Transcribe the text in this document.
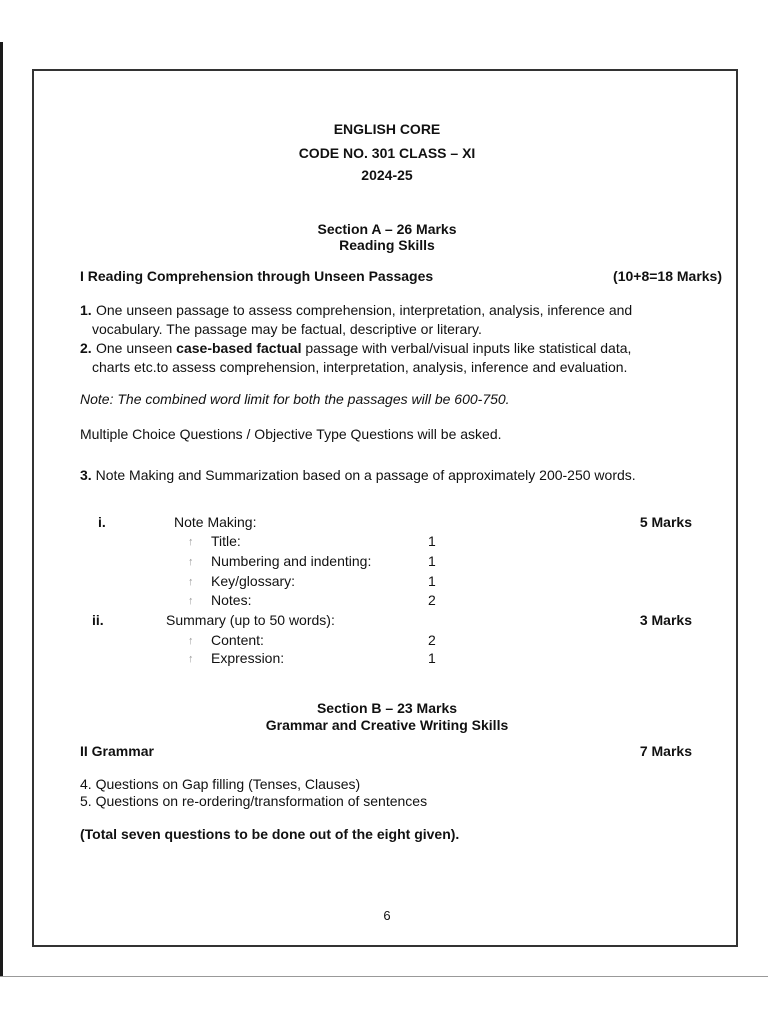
ENGLISH CORE
CODE NO. 301 CLASS – XI
2024-25
Section A – 26 Marks
Reading Skills
I Reading Comprehension through Unseen Passages	(10+8=18 Marks)
1. One unseen passage to assess comprehension, interpretation, analysis, inference and
vocabulary. The passage may be factual, descriptive or literary.
2. One unseen case-based factual passage with verbal/visual inputs like statistical data,
charts etc.to assess comprehension, interpretation, analysis, inference and evaluation.
Note: The combined word limit for both the passages will be 600-750.
Multiple Choice Questions / Objective Type Questions will be asked.
3. Note Making and Summarization based on a passage of approximately 200-250 words.
i.	Note Making:	5 Marks
↑ Title:	1
↑ Numbering and indenting:	1
↑ Key/glossary:	1
↑ Notes:	2
ii.	Summary (up to 50 words):	3 Marks
↑ Content:	2
↑ Expression:	1
Section B – 23 Marks
Grammar and Creative Writing Skills
II Grammar	7 Marks
4. Questions on Gap filling (Tenses, Clauses)
5. Questions on re-ordering/transformation of sentences
(Total seven questions to be done out of the eight given).
6
